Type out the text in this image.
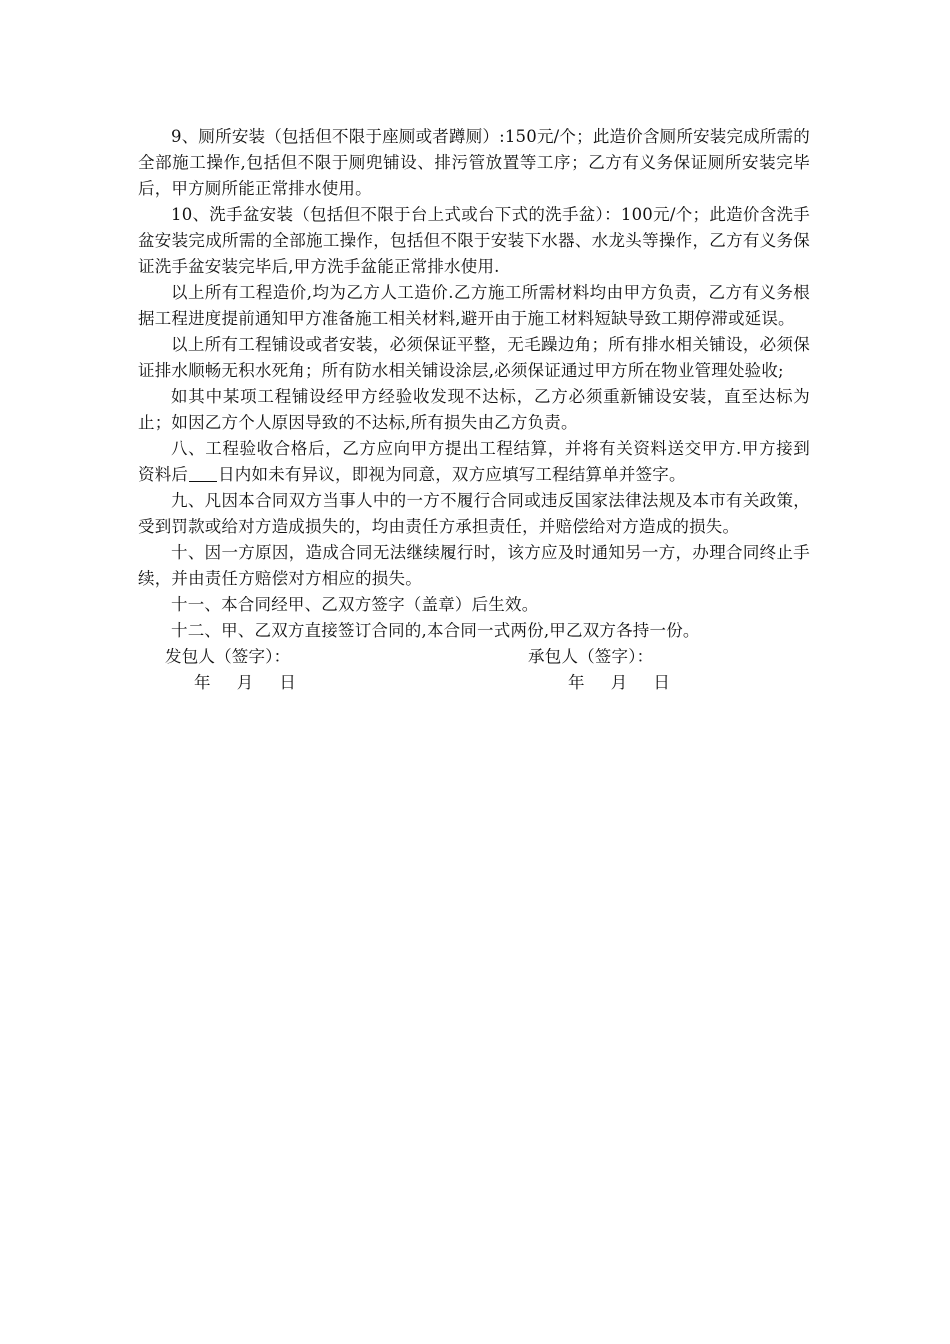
9、厕所安装（包括但不限于座厕或者蹲厕）:150元/个；此造价含厕所安装完成所需的全部施工操作,包括但不限于厕兜铺设、排污管放置等工序；乙方有义务保证厕所安装完毕后，甲方厕所能正常排水使用。

10、洗手盆安装（包括但不限于台上式或台下式的洗手盆）：100元/个；此造价含洗手盆安装完成所需的全部施工操作，包括但不限于安装下水器、水龙头等操作，乙方有义务保证洗手盆安装完毕后,甲方洗手盆能正常排水使用.

以上所有工程造价,均为乙方人工造价.乙方施工所需材料均由甲方负责，乙方有义务根据工程进度提前通知甲方准备施工相关材料,避开由于施工材料短缺导致工期停滞或延误。

以上所有工程铺设或者安装，必须保证平整，无毛躁边角；所有排水相关铺设，必须保证排水顺畅无积水死角；所有防水相关铺设涂层,必须保证通过甲方所在物业管理处验收;

如其中某项工程铺设经甲方经验收发现不达标，乙方必须重新铺设安装，直至达标为止；如因乙方个人原因导致的不达标,所有损失由乙方负责。

八、工程验收合格后，乙方应向甲方提出工程结算，并将有关资料送交甲方.甲方接到资料后 日内如未有异议，即视为同意，双方应填写工程结算单并签字。

九、凡因本合同双方当事人中的一方不履行合同或违反国家法律法规及本市有关政策，受到罚款或给对方造成损失的，均由责任方承担责任，并赔偿给对方造成的损失。

十、因一方原因，造成合同无法继续履行时，该方应及时通知另一方，办理合同终止手续，并由责任方赔偿对方相应的损失。

十一、本合同经甲、乙双方签字（盖章）后生效。

十二、甲、乙双方直接签订合同的,本合同一式两份,甲乙双方各持一份。

发包人（签字）：	承包人（签字）：
年 月 日	年 月 日
